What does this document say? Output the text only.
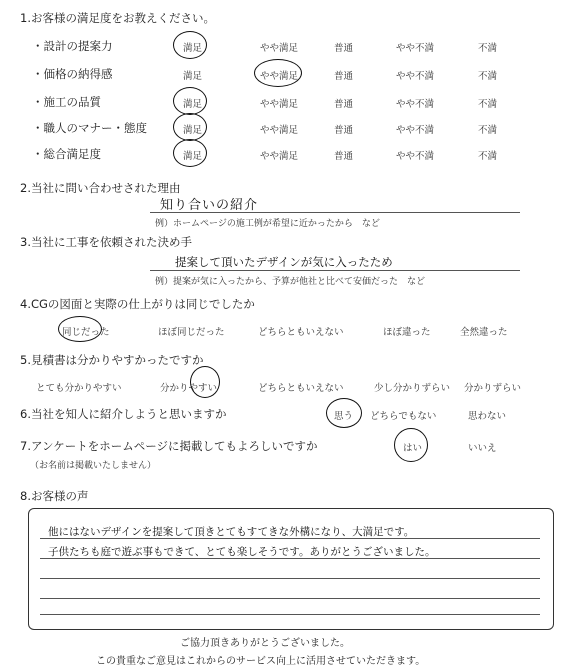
1.お客様の満足度をお教えください。
・設計の提案力	満足	やや満足	普通	やや不満	不満
・価格の納得感	満足	やや満足	普通	やや不満	不満
・施工の品質	満足	やや満足	普通	やや不満	不満
・職人のマナー・態度	満足	やや満足	普通	やや不満	不満
・総合満足度	満足	やや満足	普通	やや不満	不満
2.当社に問い合わせされた理由
知り合いの紹介
例）ホームページの施工例が希望に近かったから　など
3.当社に工事を依頼された決め手
提案して頂いたデザインが気に入ったため
例）提案が気に入ったから、予算が他社と比べて安価だった　など
4.CGの図面と実際の仕上がりは同じでしたか
同じだった	ほぼ同じだった	どちらともいえない	ほぼ違った	全然違った
5.見積書は分かりやすかったですか
とても分かりやすい	分かりやすい	どちらともいえない	少し分かりずらい 分かりずらい
6.当社を知人に紹介しようと思いますか	思う どちらでもない	思わない
7.アンケートをホームページに掲載してもよろしいですか
（お名前は掲載いたしません）
はい	いいえ
8.お客様の声
他にはないデザインを提案して頂きとてもすてきな外構になり、大満足です。
子供たちも庭で遊ぶ事もできて、とても楽しそうです。ありがとうございました。
ご協力頂きありがとうございました。
この貴重なご意見はこれからのサービス向上に活用させていただきます。
